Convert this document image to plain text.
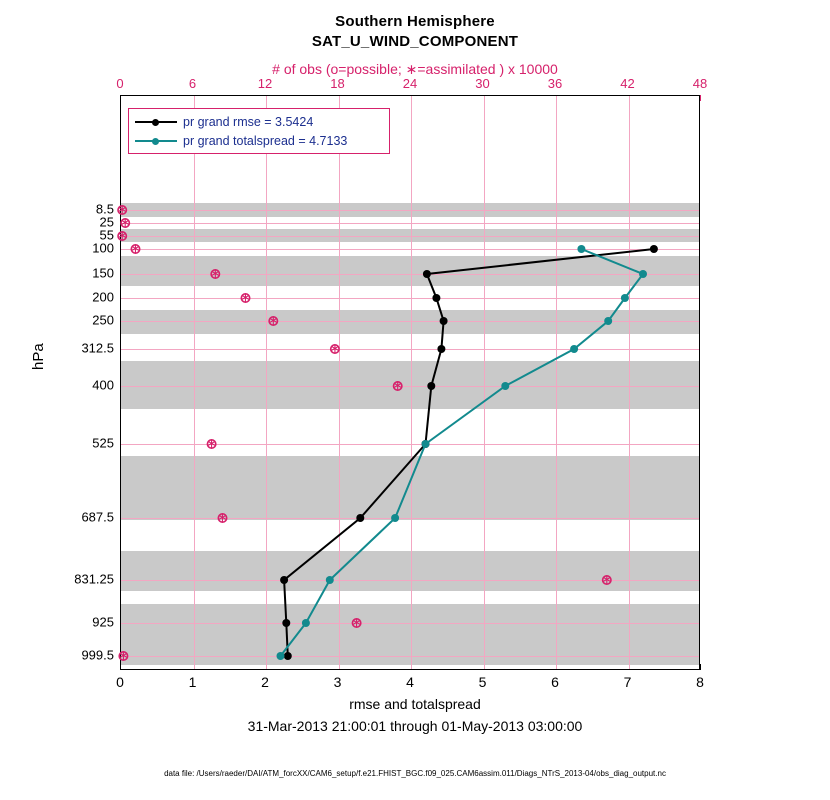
Southern Hemisphere
SAT_U_WIND_COMPONENT
# of obs (o=possible; ∗=assimilated ) x 10000
0	6	12	18	24	30	36	42	48
0	1	2	3	4	5	6	7	8
8.5
25
55
100
150
200
250
312.5
400
525
687.5
831.25
925
999.5
hPa
∗
∗
∗
∗
∗
∗
∗
∗
∗
∗
∗
∗
∗
∗
pr grand rmse = 3.5424
pr grand totalspread = 4.7133
rmse and totalspread
31-Mar-2013 21:00:01 through 01-May-2013 03:00:00
data file: /Users/raeder/DAI/ATM_forcXX/CAM6_setup/f.e21.FHIST_BGC.f09_025.CAM6assim.011/Diags_NTrS_2013-04/obs_diag_output.nc
